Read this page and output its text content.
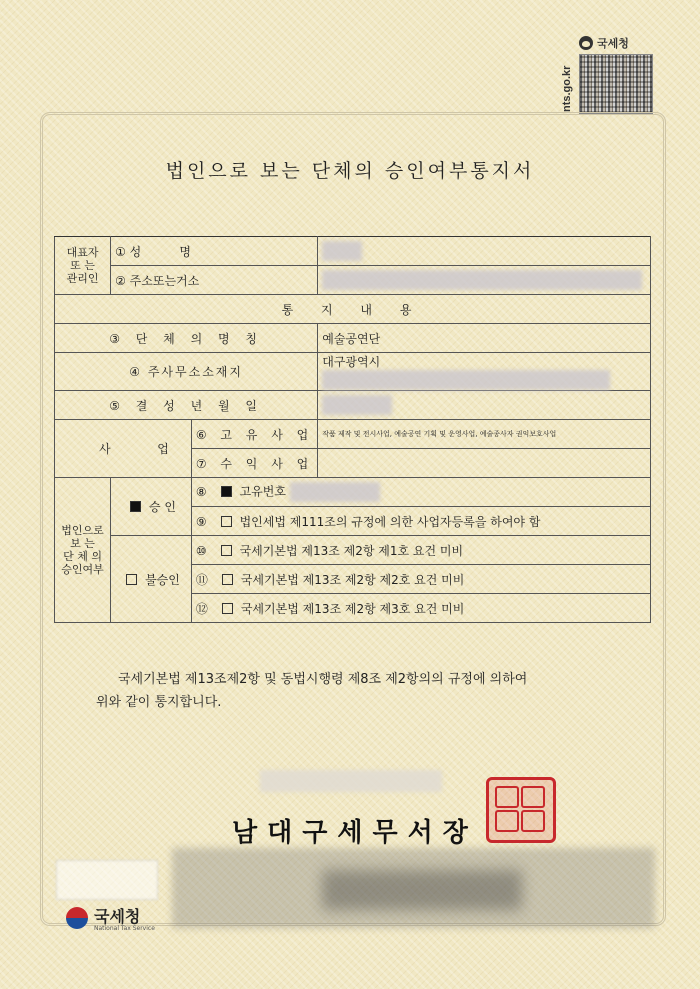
nts.go.kr
국세청
법인으로 보는 단체의 승인여부통지서
대표자
또 는
관리인	① 성          명		
	② 주소또는거소		
통 지 내 용			
③ 단 체 의 명 칭			예술공연단
④ 주사무소소재지			대구광역시
⑤ 결 성 년 월 일			

사 업		⑥ 고 유 사 업	작품 제작 및 전시사업, 예술공연 기획 및 운영사업, 예술종사자 권익보호사업
		⑦ 수 익 사 업	
법인으로
보 는
단 체 의
승인여부	승 인	⑧ 고유번호	
		⑨ 법인세법 제111조의 규정에 의한 사업자등록을 하여야 함	
	불승인	⑩ 국세기본법 제13조 제2항 제1호 요건 미비	
		⑪ 국세기본법 제13조 제2항 제2호 요건 미비	
		⑫ 국세기본법 제13조 제2항 제3호 요건 미비	
국세기본법 제13조제2항 및 동법시행령 제8조 제2항의의 규정에 의하여
위와 같이 통지합니다.
남대구세무서장
국세청
National Tax Service
